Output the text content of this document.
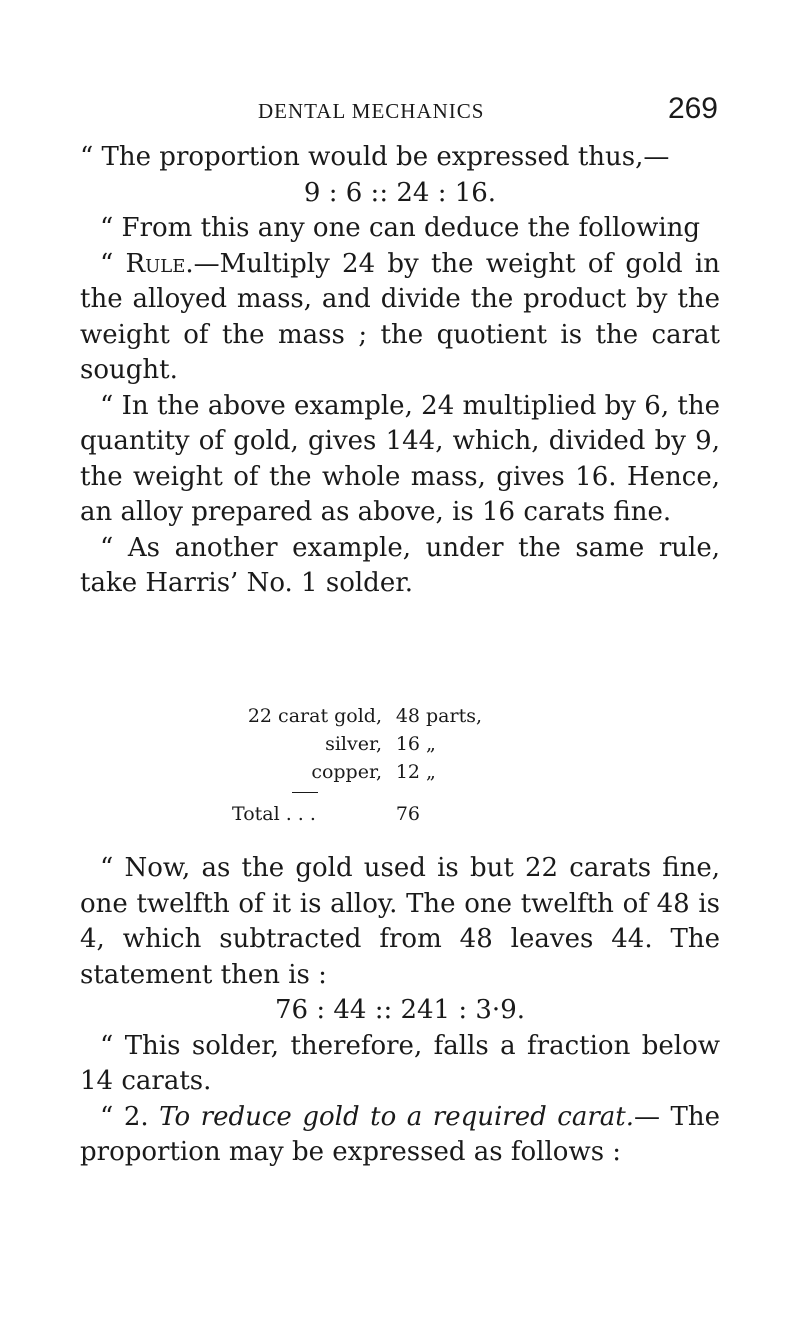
DENTAL MECHANICS	269

“ The proportion would be expressed thus,—

9 : 6 :: 24 : 16.

“ From this any one can deduce the following

“ Rule.—Multiply 24 by the weight of gold in the alloyed mass, and divide the product by the weight of the mass ; the quotient is the carat sought.

“ In the above example, 24 multiplied by 6, the quantity of gold, gives 144, which, divided by 9, the weight of the whole mass, gives 16. Hence, an alloy prepared as above, is 16 carats fine.

“ As another example, under the same rule, take Harris’ No. 1 solder.

22 carat gold, 48 parts,
silver, 16 „
copper, 12 „
Total . . .	76

“ Now, as the gold used is but 22 carats fine, one twelfth of it is alloy. The one twelfth of 48 is 4, which subtracted from 48 leaves 44. The statement then is :

76 : 44 :: 241 : 3·9.

“ This solder, therefore, falls a fraction below 14 carats.

“ 2. To reduce gold to a required carat.— The proportion may be expressed as follows :
